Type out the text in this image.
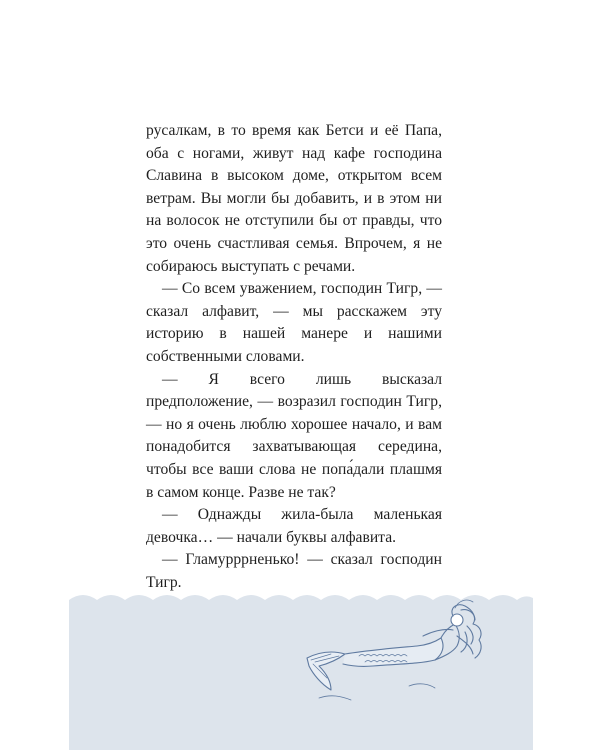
русалкам, в то время как Бетси и её Папа, оба с ногами, живут над кафе господина Славина в высоком доме, открытом всем ветрам. Вы могли бы добавить, и в этом ни на волосок не отступили бы от правды, что это очень счастливая семья. Впрочем, я не собираюсь выступать с речами.

— Со всем уважением, господин Тигр, — сказал алфавит, — мы расскажем эту историю в нашей манере и нашими собственными словами.

— Я всего лишь высказал предположение, — возразил господин Тигр, — но я очень люблю хорошее начало, и вам понадобится захватывающая середина, чтобы все ваши слова не попа́дали плашмя в самом конце. Разве не так?

— Однажды жила-была маленькая девочка… — начали буквы алфавита.

— Гламурррненько! — сказал господин Тигр.
